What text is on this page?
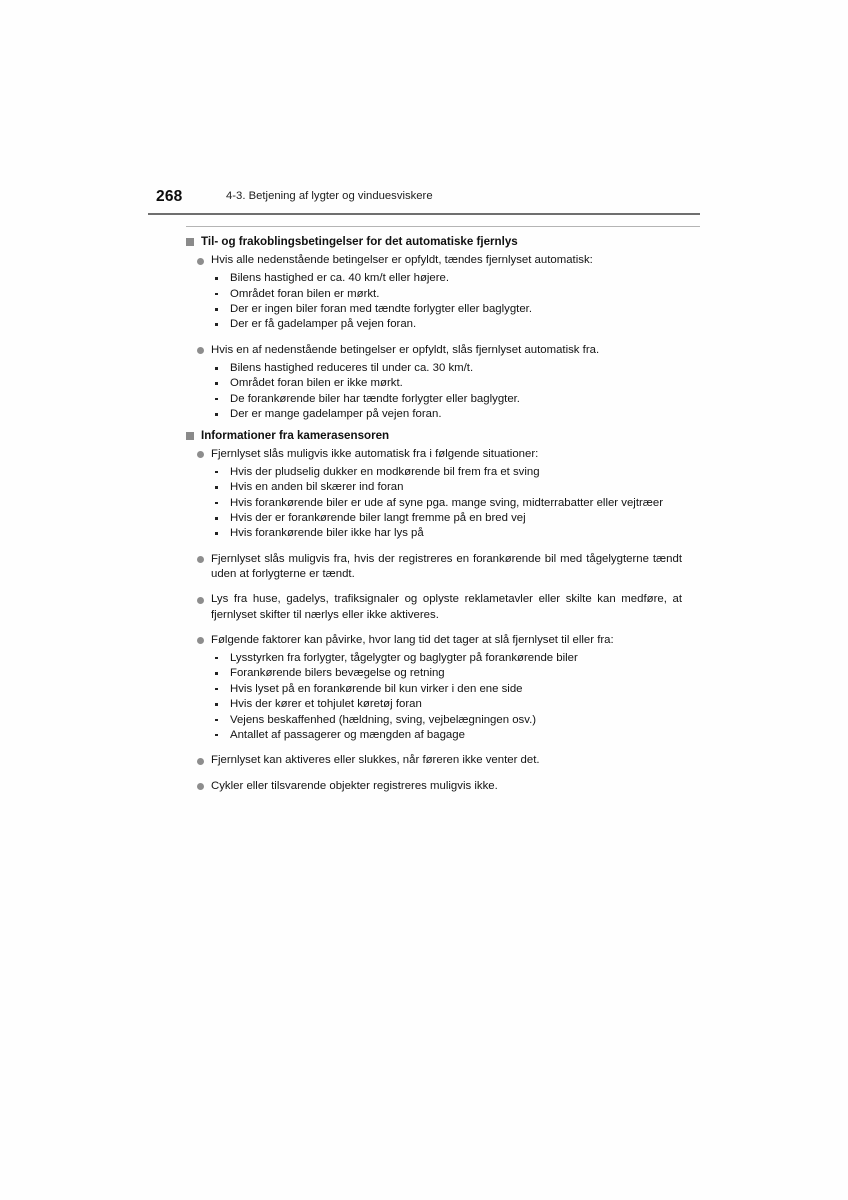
268	4-3. Betjening af lygter og vinduesviskere
Til- og frakoblingsbetingelser for det automatiske fjernlys
Hvis alle nedenstående betingelser er opfyldt, tændes fjernlyset automatisk:
Bilens hastighed er ca. 40 km/t eller højere.
Området foran bilen er mørkt.
Der er ingen biler foran med tændte forlygter eller baglygter.
Der er få gadelamper på vejen foran.
Hvis en af nedenstående betingelser er opfyldt, slås fjernlyset automatisk fra.
Bilens hastighed reduceres til under ca. 30 km/t.
Området foran bilen er ikke mørkt.
De forankørende biler har tændte forlygter eller baglygter.
Der er mange gadelamper på vejen foran.
Informationer fra kamerasensoren
Fjernlyset slås muligvis ikke automatisk fra i følgende situationer:
Hvis der pludselig dukker en modkørende bil frem fra et sving
Hvis en anden bil skærer ind foran
Hvis forankørende biler er ude af syne pga. mange sving, midterrabatter eller vejtræer
Hvis der er forankørende biler langt fremme på en bred vej
Hvis forankørende biler ikke har lys på
Fjernlyset slås muligvis fra, hvis der registreres en forankørende bil med tågelygterne tændt uden at forlygterne er tændt.
Lys fra huse, gadelys, trafiksignaler og oplyste reklametavler eller skilte kan medføre, at fjernlyset skifter til nærlys eller ikke aktiveres.
Følgende faktorer kan påvirke, hvor lang tid det tager at slå fjernlyset til eller fra:
Lysstyrken fra forlygter, tågelygter og baglygter på forankørende biler
Forankørende bilers bevægelse og retning
Hvis lyset på en forankørende bil kun virker i den ene side
Hvis der kører et tohjulet køretøj foran
Vejens beskaffenhed (hældning, sving, vejbelægningen osv.)
Antallet af passagerer og mængden af bagage
Fjernlyset kan aktiveres eller slukkes, når føreren ikke venter det.
Cykler eller tilsvarende objekter registreres muligvis ikke.
